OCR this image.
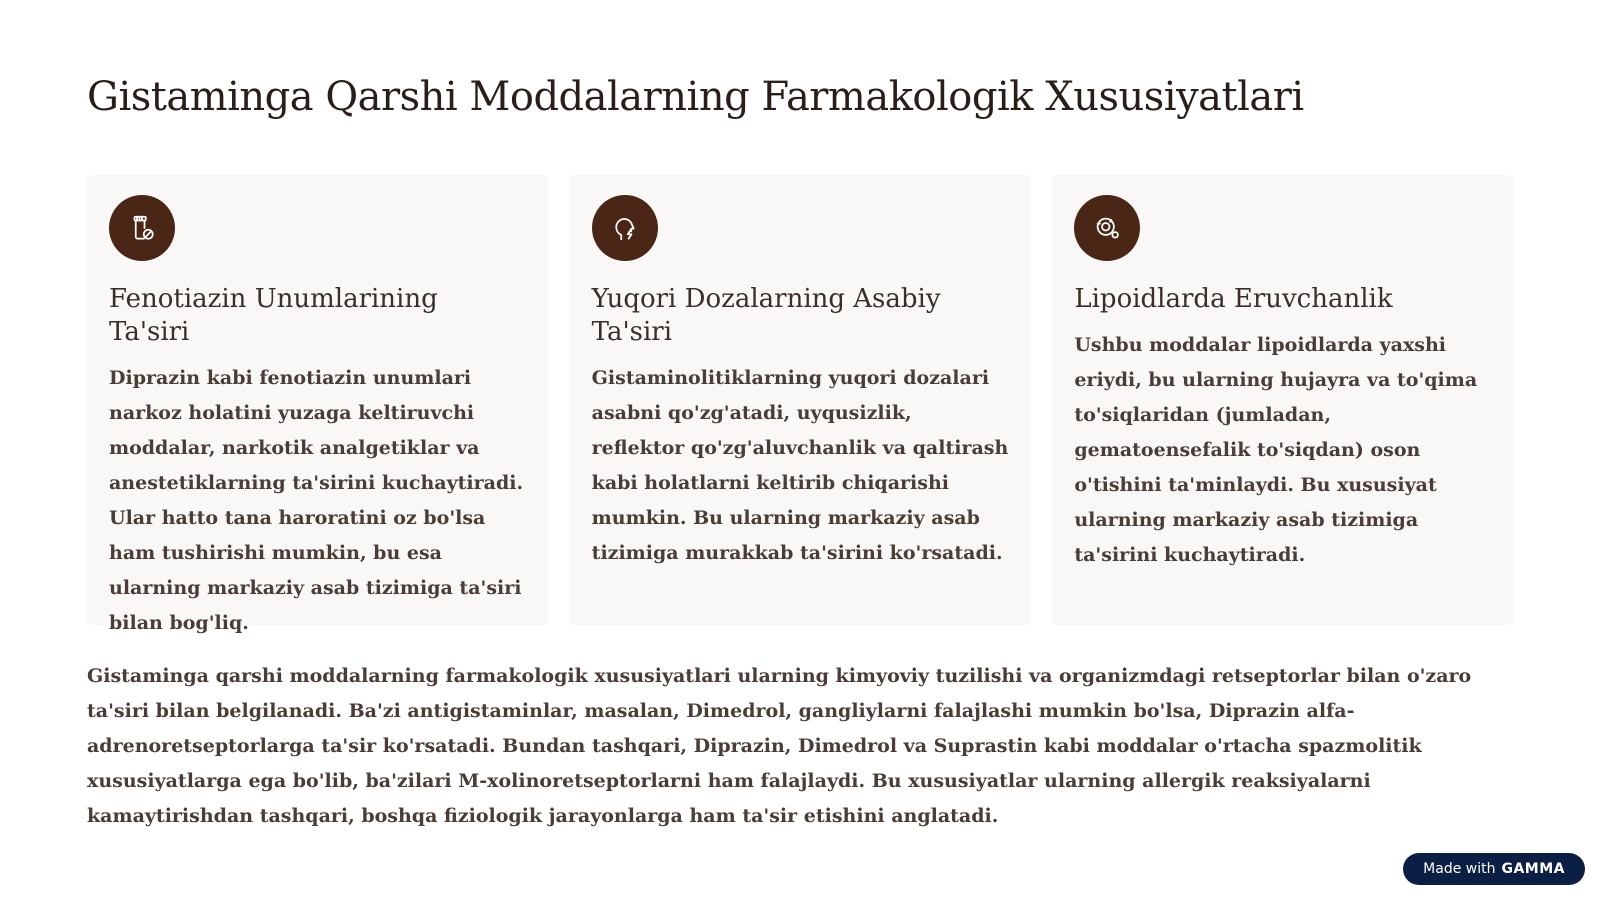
Gistaminga Qarshi Moddalarning Farmakologik Xususiyatlari
Fenotiazin Unumlarining Ta'siri

Diprazin kabi fenotiazin unumlari narkoz holatini yuzaga keltiruvchi moddalar, narkotik analgetiklar va anestetiklarning ta'sirini kuchaytiradi. Ular hatto tana haroratini oz bo'lsa ham tushirishi mumkin, bu esa ularning markaziy asab tizimiga ta'siri bilan bog'liq.

Yuqori Dozalarning Asabiy Ta'siri

Gistaminolitiklarning yuqori dozalari asabni qo'zg'atadi, uyqusizlik, reflektor qo'zg'aluvchanlik va qaltirash kabi holatlarni keltirib chiqarishi mumkin. Bu ularning markaziy asab tizimiga murakkab ta'sirini ko'rsatadi.

Lipoidlarda Eruvchanlik

Ushbu moddalar lipoidlarda yaxshi eriydi, bu ularning hujayra va to'qima to'siqlaridan (jumladan, gematoensefalik to'siqdan) oson o'tishini ta'minlaydi. Bu xususiyat ularning markaziy asab tizimiga ta'sirini kuchaytiradi.

Gistaminga qarshi moddalarning farmakologik xususiyatlari ularning kimyoviy tuzilishi va organizmdagi retseptorlar bilan o'zaro ta'siri bilan belgilanadi. Ba'zi antigistaminlar, masalan, Dimedrol, gangliylarni falajlashi mumkin bo'lsa, Diprazin alfa-adrenoretseptorlarga ta'sir ko'rsatadi. Bundan tashqari, Diprazin, Dimedrol va Suprastin kabi moddalar o'rtacha spazmolitik xususiyatlarga ega bo'lib, ba'zilari M-xolinoretseptorlarni ham falajlaydi. Bu xususiyatlar ularning allergik reaksiyalarni kamaytirishdan tashqari, boshqa fiziologik jarayonlarga ham ta'sir etishini anglatadi.

Made with GAMMA
